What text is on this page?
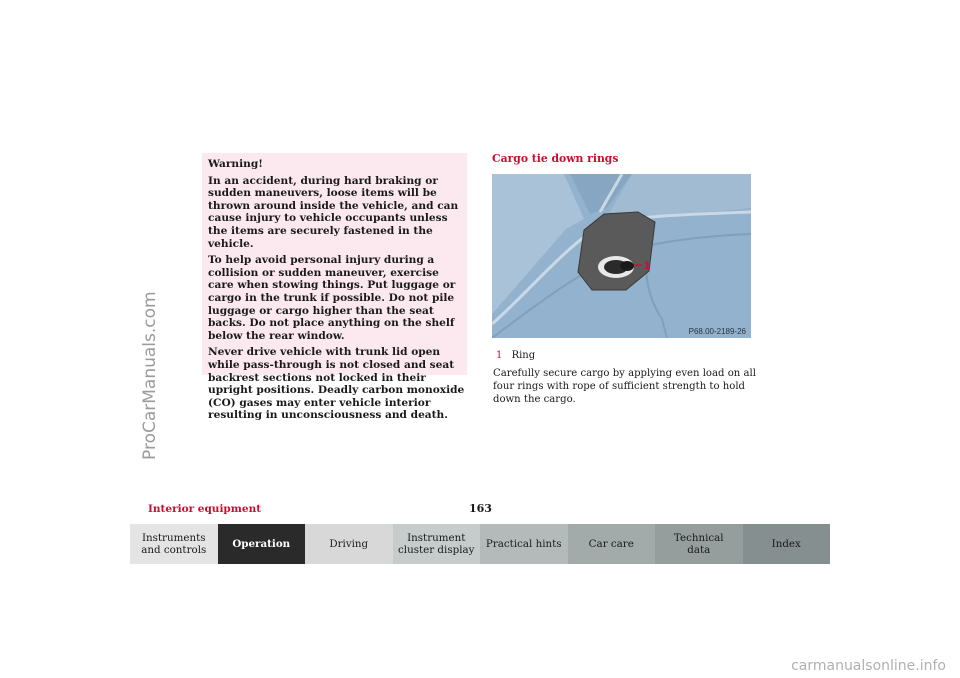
ProCarManuals.com

Warning!

In an accident, during hard braking or sudden maneuvers, loose items will be thrown around inside the vehicle, and can cause injury to vehicle occupants unless the items are securely fastened in the vehicle.

To help avoid personal injury during a collision or sudden maneuver, exercise care when stowing things. Put luggage or cargo in the trunk if possible. Do not pile luggage or cargo higher than the seat backs. Do not place anything on the shelf below the rear window.

Never drive vehicle with trunk lid open while pass-through is not closed and seat backrest sections not locked in their upright positions. Deadly carbon monoxide (CO) gases may enter vehicle interior resulting in unconsciousness and death.

Cargo tie down rings
1
P68.00-2189-26
1 Ring
Carefully secure cargo by applying even load on all four rings with rope of sufficient strength to hold down the cargo.
Interior equipment	163
Instruments
and controls	Operation	Driving	Instrument
cluster display Practical hints	Car care	Technical
data	Index
carmanualsonline.info
